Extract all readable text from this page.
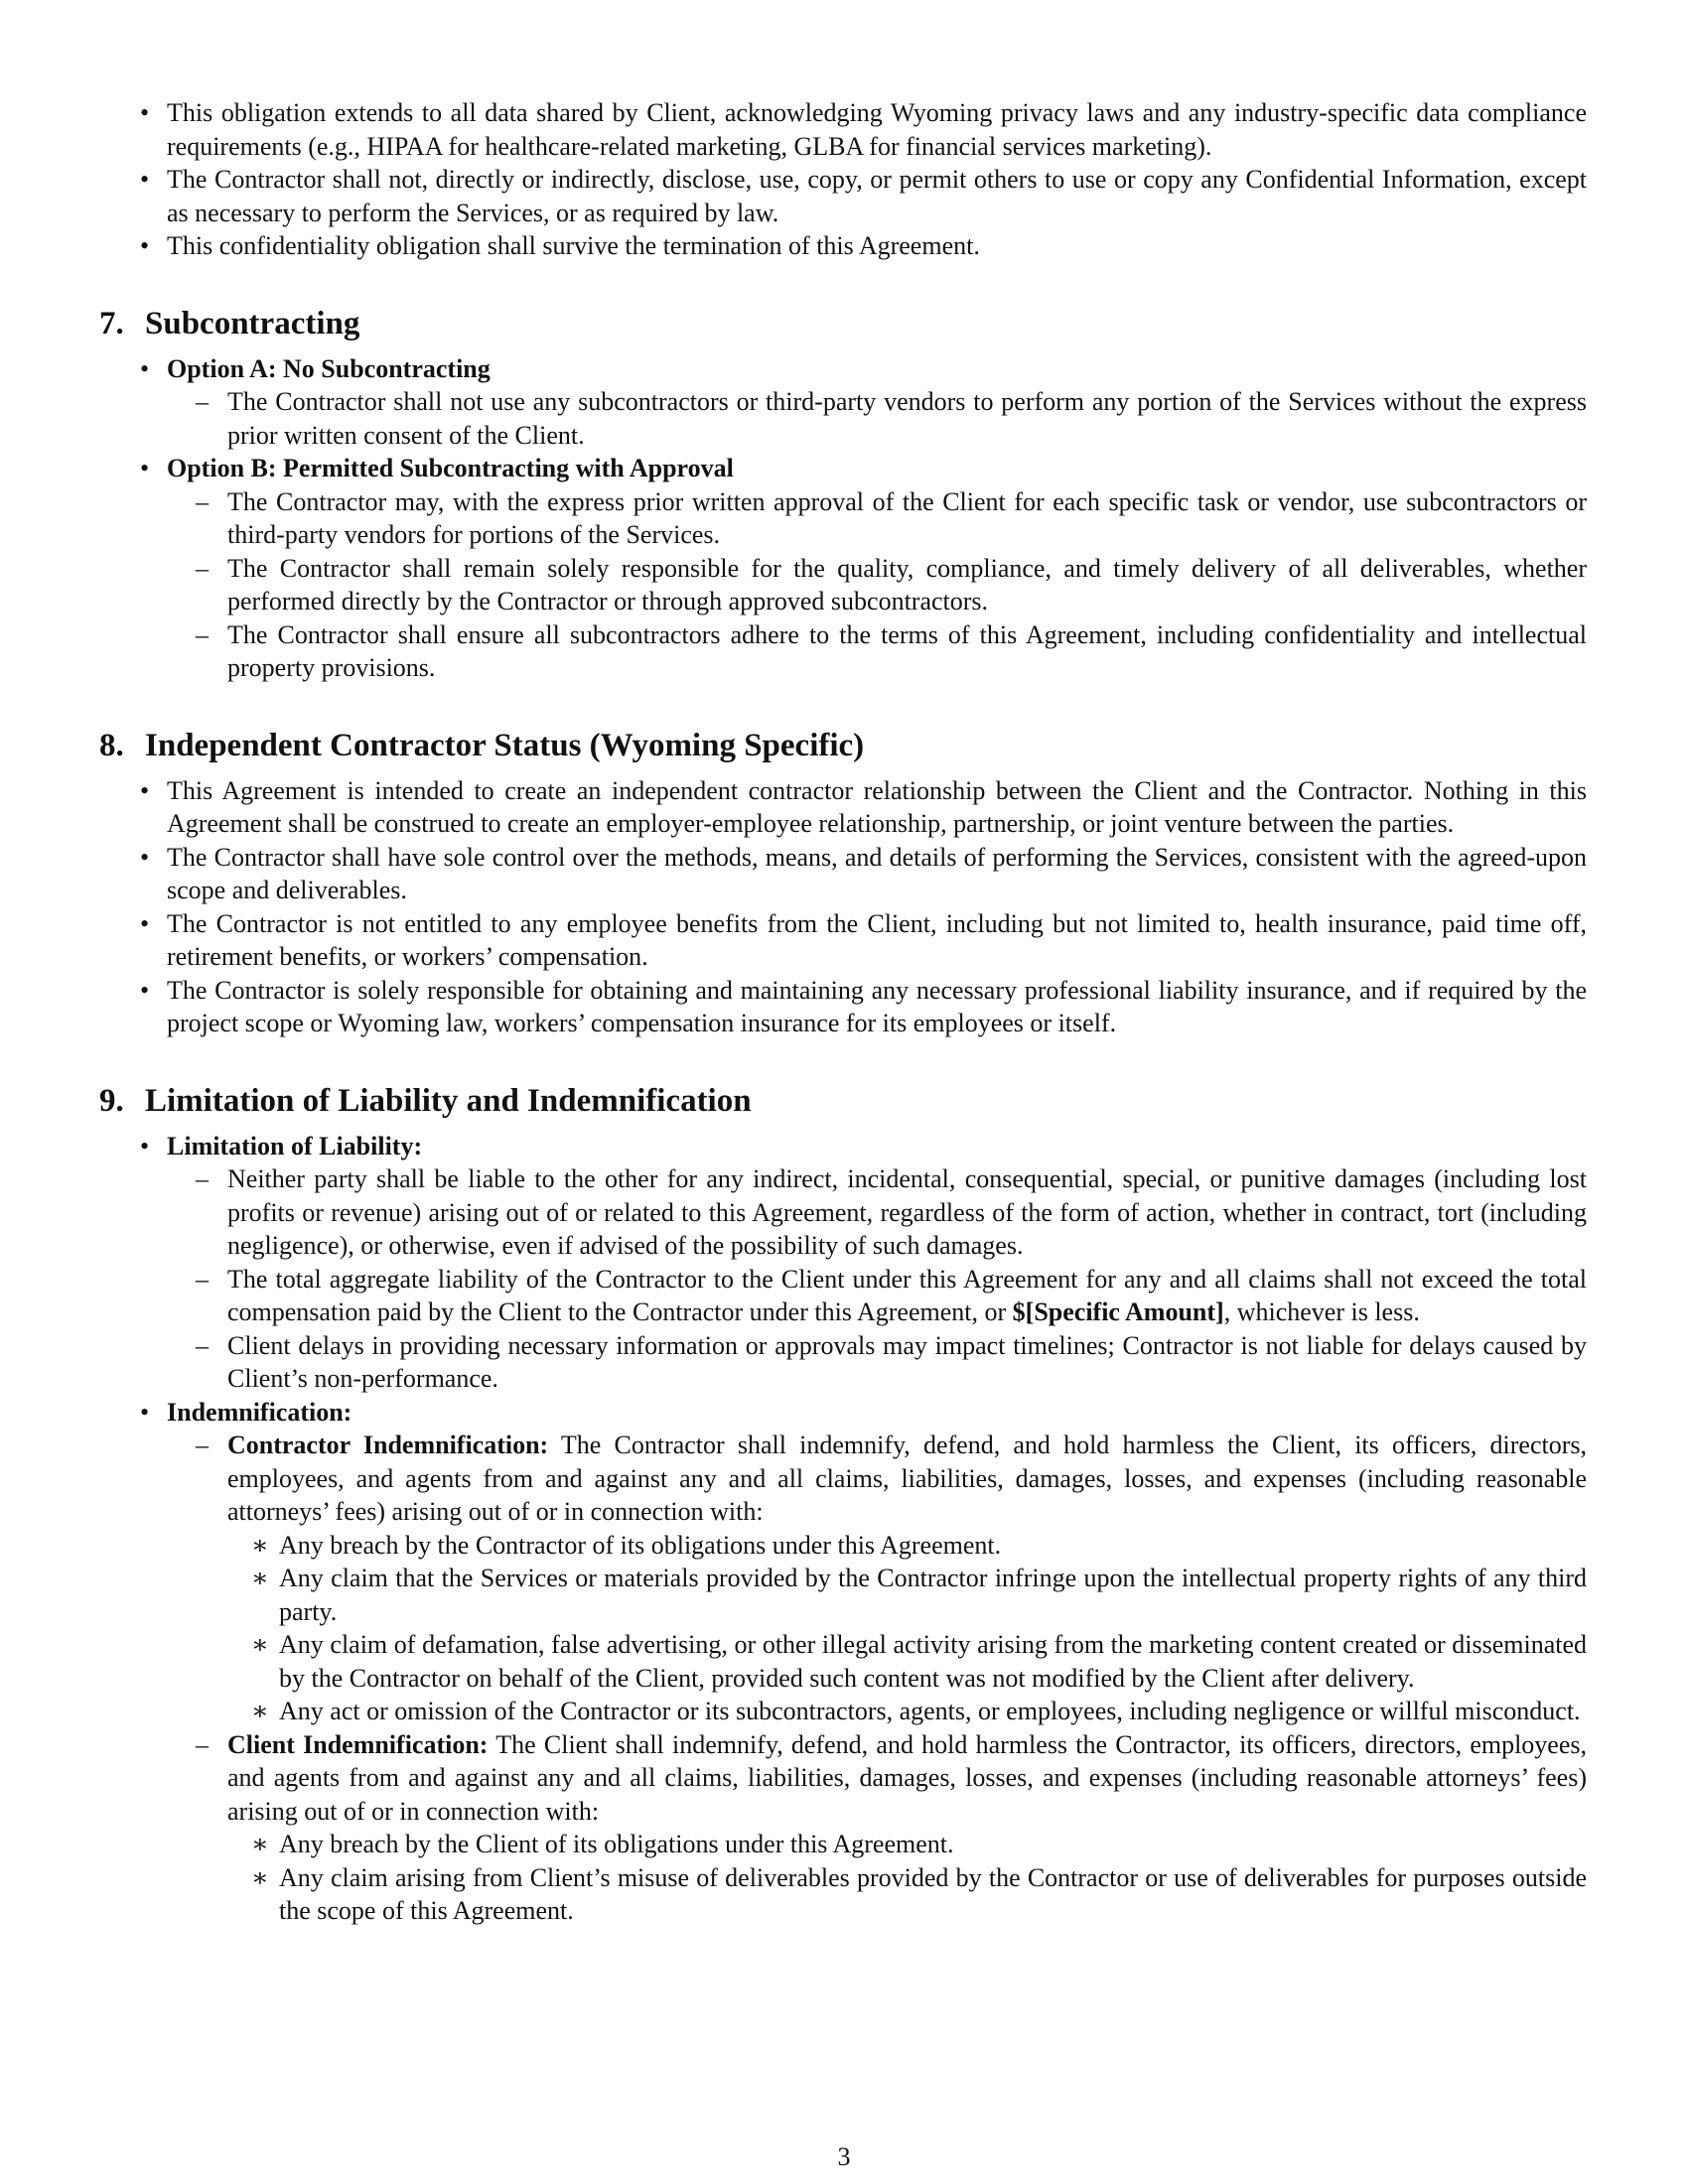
• This obligation extends to all data shared by Client, acknowledging Wyoming privacy laws and any industry-specific data compliance requirements (e.g., HIPAA for healthcare-related marketing, GLBA for financial services marketing).
• The Contractor shall not, directly or indirectly, disclose, use, copy, or permit others to use or copy any Confidential Information, except as necessary to perform the Services, or as required by law.
• This confidentiality obligation shall survive the termination of this Agreement.
7. Subcontracting
• Option A: No Subcontracting
– The Contractor shall not use any subcontractors or third-party vendors to perform any portion of the Services without the express prior written consent of the Client.
• Option B: Permitted Subcontracting with Approval
– The Contractor may, with the express prior written approval of the Client for each specific task or vendor, use subcontractors or third-party vendors for portions of the Services.
– The Contractor shall remain solely responsible for the quality, compliance, and timely delivery of all deliverables, whether performed directly by the Contractor or through approved subcontractors.
– The Contractor shall ensure all subcontractors adhere to the terms of this Agreement, including confidentiality and intellectual property provisions.
8. Independent Contractor Status (Wyoming Specific)
• This Agreement is intended to create an independent contractor relationship between the Client and the Contractor. Nothing in this Agreement shall be construed to create an employer-employee relationship, partnership, or joint venture between the parties.
• The Contractor shall have sole control over the methods, means, and details of performing the Services, consistent with the agreed-upon scope and deliverables.
• The Contractor is not entitled to any employee benefits from the Client, including but not limited to, health insurance, paid time off, retirement benefits, or workers’ compensation.
• The Contractor is solely responsible for obtaining and maintaining any necessary professional liability insurance, and if required by the project scope or Wyoming law, workers’ compensation insurance for its employees or itself.
9. Limitation of Liability and Indemnification
• Limitation of Liability:
– Neither party shall be liable to the other for any indirect, incidental, consequential, special, or punitive damages (including lost profits or revenue) arising out of or related to this Agreement, regardless of the form of action, whether in contract, tort (including negligence), or otherwise, even if advised of the possibility of such damages.
– The total aggregate liability of the Contractor to the Client under this Agreement for any and all claims shall not exceed the total compensation paid by the Client to the Contractor under this Agreement, or $[Specific Amount], whichever is less.
– Client delays in providing necessary information or approvals may impact timelines; Contractor is not liable for delays caused by Client’s non-performance.
• Indemnification:
– Contractor Indemnification: The Contractor shall indemnify, defend, and hold harmless the Client, its officers, directors, employees, and agents from and against any and all claims, liabilities, damages, losses, and expenses (including reasonable attorneys’ fees) arising out of or in connection with:
∗ Any breach by the Contractor of its obligations under this Agreement.
∗ Any claim that the Services or materials provided by the Contractor infringe upon the intellectual property rights of any third party.
∗ Any claim of defamation, false advertising, or other illegal activity arising from the marketing content created or disseminated by the Contractor on behalf of the Client, provided such content was not modified by the Client after delivery.
∗ Any act or omission of the Contractor or its subcontractors, agents, or employees, including negligence or willful misconduct.
– Client Indemnification: The Client shall indemnify, defend, and hold harmless the Contractor, its officers, directors, employees, and agents from and against any and all claims, liabilities, damages, losses, and expenses (including reasonable attorneys’ fees) arising out of or in connection with:
∗ Any breach by the Client of its obligations under this Agreement.
∗ Any claim arising from Client’s misuse of deliverables provided by the Contractor or use of deliverables for purposes outside the scope of this Agreement.
3
